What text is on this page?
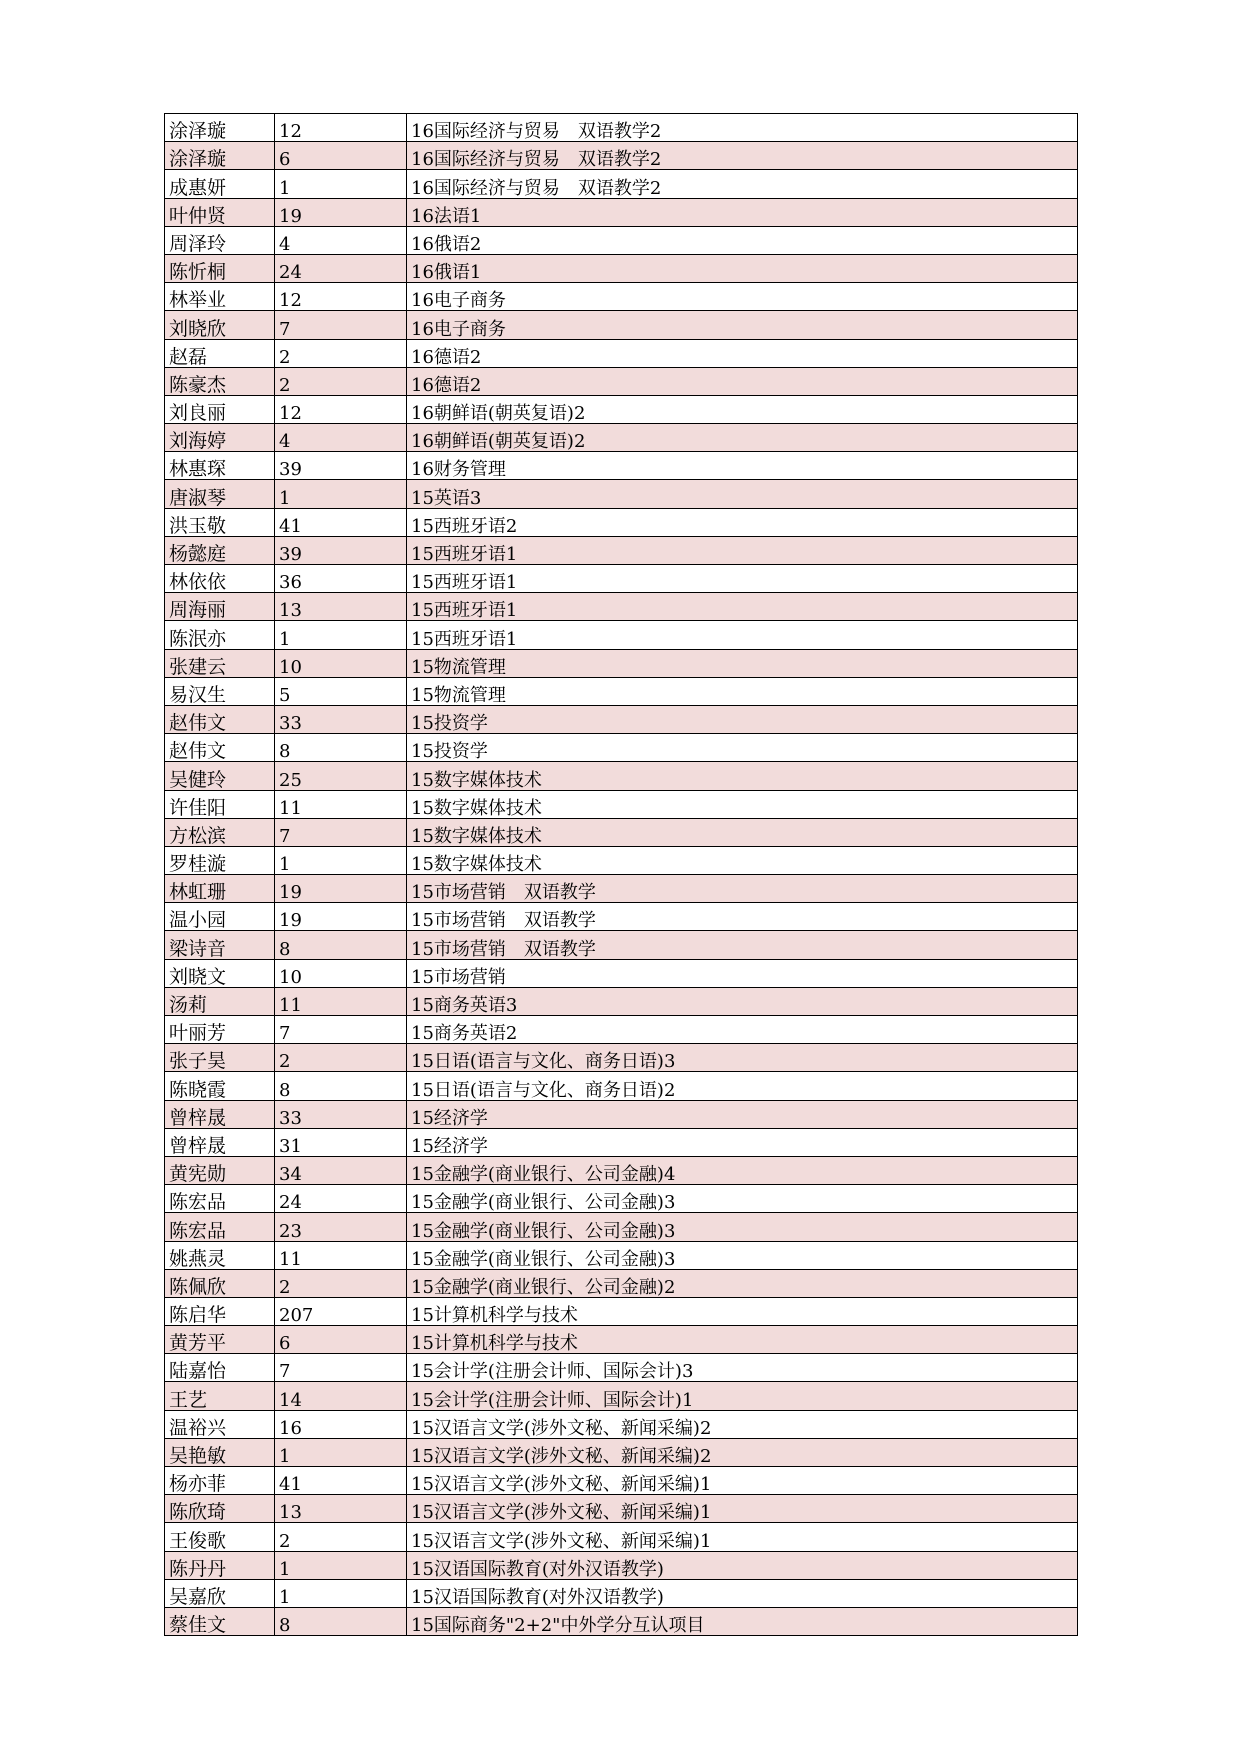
涂泽璇	12	16国际经济与贸易　双语教学2
涂泽璇	6	16国际经济与贸易　双语教学2
成惠妍	1	16国际经济与贸易　双语教学2
叶仲贤	19	16法语1
周泽玲	4	16俄语2
陈忻桐	24	16俄语1
林举业	12	16电子商务
刘晓欣	7	16电子商务
赵磊	2	16德语2
陈豪杰	2	16德语2
刘良丽	12	16朝鲜语(朝英复语)2
刘海婷	4	16朝鲜语(朝英复语)2
林惠琛	39	16财务管理
唐淑琴	1	15英语3
洪玉敬	41	15西班牙语2
杨懿庭	39	15西班牙语1
林依依	36	15西班牙语1
周海丽	13	15西班牙语1
陈泯亦	1	15西班牙语1
张建云	10	15物流管理
易汉生	5	15物流管理
赵伟文	33	15投资学
赵伟文	8	15投资学
吴健玲	25	15数字媒体技术
许佳阳	11	15数字媒体技术
方松滨	7	15数字媒体技术
罗桂漩	1	15数字媒体技术
林虹珊	19	15市场营销　双语教学
温小园	19	15市场营销　双语教学
梁诗音	8	15市场营销　双语教学
刘晓文	10	15市场营销
汤莉	11	15商务英语3
叶丽芳	7	15商务英语2
张子昊	2	15日语(语言与文化、商务日语)3
陈晓霞	8	15日语(语言与文化、商务日语)2
曾梓晟	33	15经济学
曾梓晟	31	15经济学
黄宪勋	34	15金融学(商业银行、公司金融)4
陈宏品	24	15金融学(商业银行、公司金融)3
陈宏品	23	15金融学(商业银行、公司金融)3
姚燕灵	11	15金融学(商业银行、公司金融)3
陈佩欣	2	15金融学(商业银行、公司金融)2
陈启华	207	15计算机科学与技术
黄芳平	6	15计算机科学与技术
陆嘉怡	7	15会计学(注册会计师、国际会计)3
王艺	14	15会计学(注册会计师、国际会计)1
温裕兴	16	15汉语言文学(涉外文秘、新闻采编)2
吴艳敏	1	15汉语言文学(涉外文秘、新闻采编)2
杨亦菲	41	15汉语言文学(涉外文秘、新闻采编)1
陈欣琦	13	15汉语言文学(涉外文秘、新闻采编)1
王俊歌	2	15汉语言文学(涉外文秘、新闻采编)1
陈丹丹	1	15汉语国际教育(对外汉语教学)
吴嘉欣	1	15汉语国际教育(对外汉语教学)
蔡佳文	8	15国际商务"2+2"中外学分互认项目
